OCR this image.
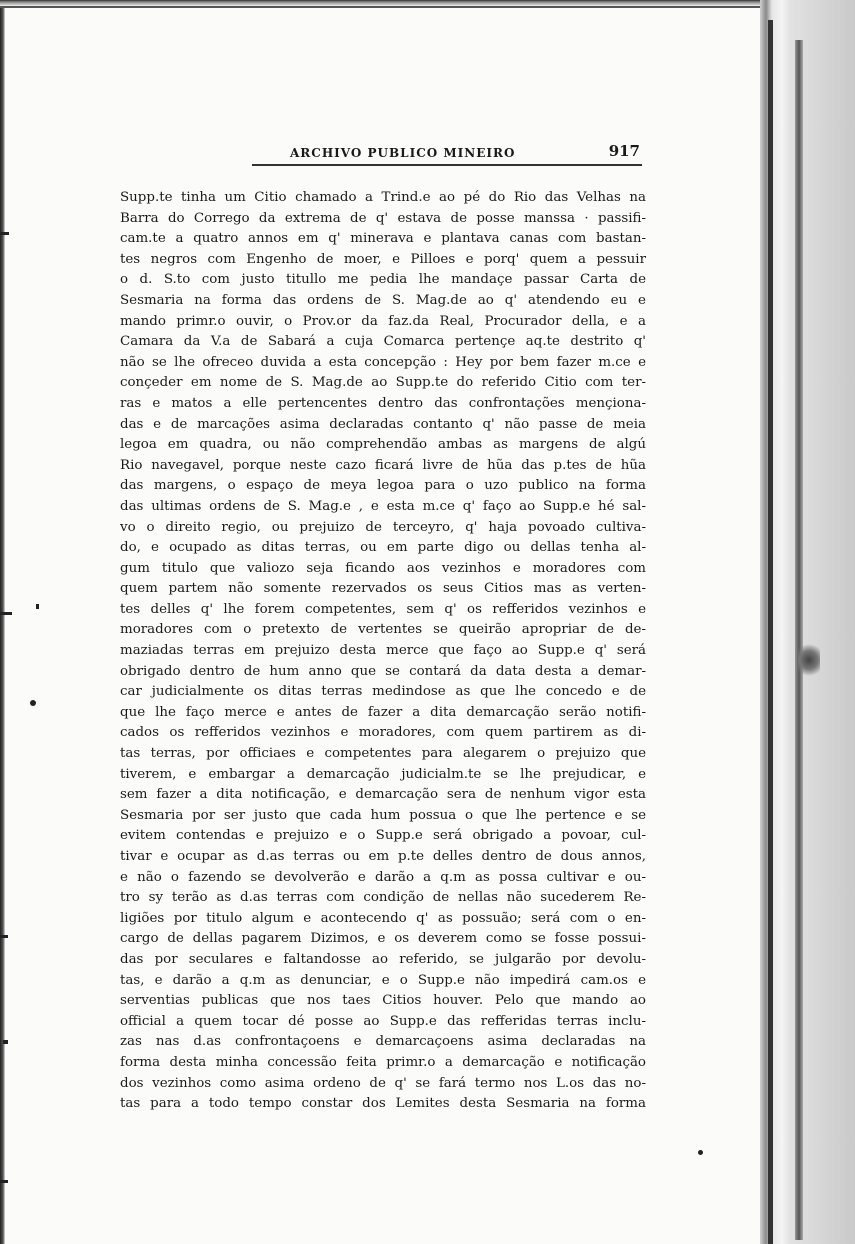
ARCHIVO PUBLICO MINEIRO	917
Supp.te tinha um Citio chamado a Trind.e ao pé do Rio das Velhas na
Barra do Corrego da extrema de q' estava de posse manssa · passifi-
cam.te a quatro annos em q' minerava e plantava canas com bastan-
tes negros com Engenho de moer, e Pilloes e porq' quem a pessuir
o d. S.to com justo titullo me pedia lhe mandaçe passar Carta de
Sesmaria na forma das ordens de S. Mag.de ao q' atendendo eu e
mando primr.o ouvir, o Prov.or da faz.da Real, Procurador della, e a
Camara da V.a de Sabará a cuja Comarca pertençe aq.te destrito q'
não se lhe ofreceo duvida a esta concepção : Hey por bem fazer m.ce e
conçeder em nome de S. Mag.de ao Supp.te do referido Citio com ter-
ras e matos a elle pertencentes dentro das confrontações mençiona-
das e de marcações asima declaradas contanto q' não passe de meia
legoa em quadra, ou não comprehendão ambas as margens de algú
Rio navegavel, porque neste cazo ficará livre de hũa das p.tes de hũa
das margens, o espaço de meya legoa para o uzo publico na forma
das ultimas ordens de S. Mag.e , e esta m.ce q' faço ao Supp.e hé sal-
vo o direito regio, ou prejuizo de terceyro, q' haja povoado cultiva-
do, e ocupado as ditas terras, ou em parte digo ou dellas tenha al-
gum titulo que valiozo seja ficando aos vezinhos e moradores com
quem partem não somente rezervados os seus Citios mas as verten-
tes delles q' lhe forem competentes, sem q' os refferidos vezinhos e
moradores com o pretexto de vertentes se queirão apropriar de de-
maziadas terras em prejuizo desta merce que faço ao Supp.e q' será
obrigado dentro de hum anno que se contará da data desta a demar-
car judicialmente os ditas terras medindose as que lhe concedo e de
que lhe faço merce e antes de fazer a dita demarcação serão notifi-
cados os refferidos vezinhos e moradores, com quem partirem as di-
tas terras, por officiaes e competentes para alegarem o prejuizo que
tiverem, e embargar a demarcação judicialm.te se lhe prejudicar, e
sem fazer a dita notificação, e demarcação sera de nenhum vigor esta
Sesmaria por ser justo que cada hum possua o que lhe pertence e se
evitem contendas e prejuizo e o Supp.e será obrigado a povoar, cul-
tivar e ocupar as d.as terras ou em p.te delles dentro de dous annos,
e não o fazendo se devolverão e darão a q.m as possa cultivar e ou-
tro sy terão as d.as terras com condição de nellas não sucederem Re-
ligiões por titulo algum e acontecendo q' as possuão; será com o en-
cargo de dellas pagarem Dizimos, e os deverem como se fosse possui-
das por seculares e faltandosse ao referido, se julgarão por devolu-
tas, e darão a q.m as denunciar, e o Supp.e não impedirá cam.os e
serventias publicas que nos taes Citios houver. Pelo que mando ao
official a quem tocar dé posse ao Supp.e das refferidas terras inclu-
zas nas d.as confrontaçoens e demarcaçoens asima declaradas na
forma desta minha concessão feita primr.o a demarcação e notificação
dos vezinhos como asima ordeno de q' se fará termo nos L.os das no-
tas para a todo tempo constar dos Lemites desta Sesmaria na forma
